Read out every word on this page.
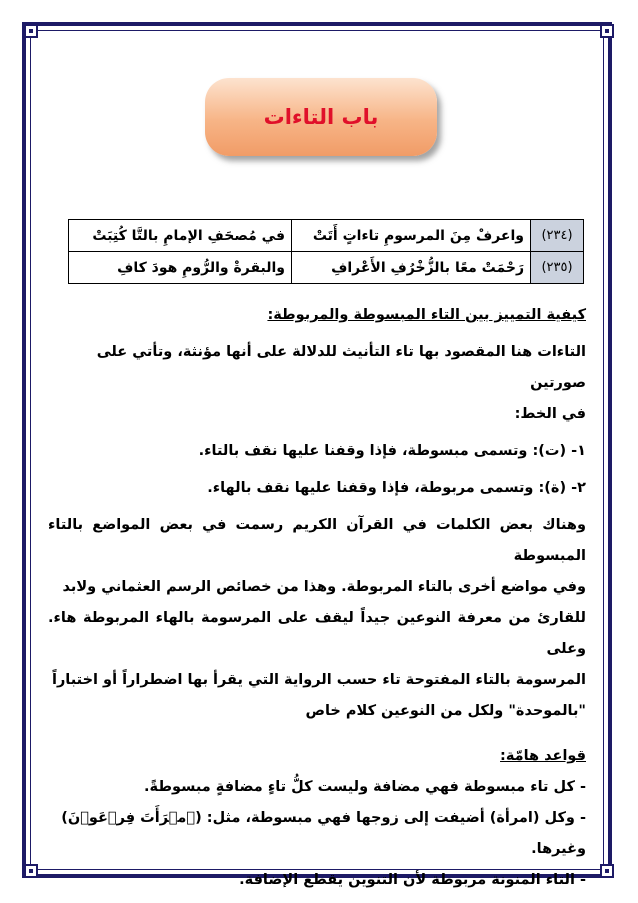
باب التاءات
(٢٣٤)	واعرفْ مِنَ المرسومِ تاءاتٍ أَتَتْ	في مُصحَفِ الإمامِ بالتَّا كُتِبَتْ
(٢٣٥)	رَحْمَتْ معًا بالزُّخْرُفِ الأَعْرافِ	والبقرةْ والرُّومِ هودَ كافِ

كيفية التمييز بين التاء المبسوطة والمربوطة:

التاءات هنا المقصود بها تاء التأنيث للدلالة على أنها مؤنثة، وتأتي على صورتين

في الخط:

١- (ت): وتسمى مبسوطة، فإذا وقفنا عليها نقف بالتاء.

٢- (ة): وتسمى مربوطة، فإذا وقفنا عليها نقف بالهاء.

وهناك بعض الكلمات في القرآن الكريم رسمت في بعض المواضع بالتاء المبسوطة

وفي مواضع أخرى بالتاء المربوطة. وهذا من خصائص الرسم العثماني ولابد

للقارئ من معرفة النوعين جيداً ليقف على المرسومة بالهاء المربوطة هاء. وعلى

المرسومة بالتاء المفتوحة تاء حسب الرواية التي يقرأ بها اضطراراً أو اختباراً

"بالموحدة" ولكل من النوعين كلام خاص

قواعد هامّة:

- كل تاء مبسوطة فهي مضافة وليست كلُّ تاءٍ مضافةٍ مبسوطةً.

- وكل (امرأة) أضيفت إلى زوجها فهي مبسوطة، مثل: (ٱمۡرَأَتَ فِرۡعَوۡنَ) وغيرها.

- التاء المنونة مربوطة لأن التنوين يقطع الإضافة.
